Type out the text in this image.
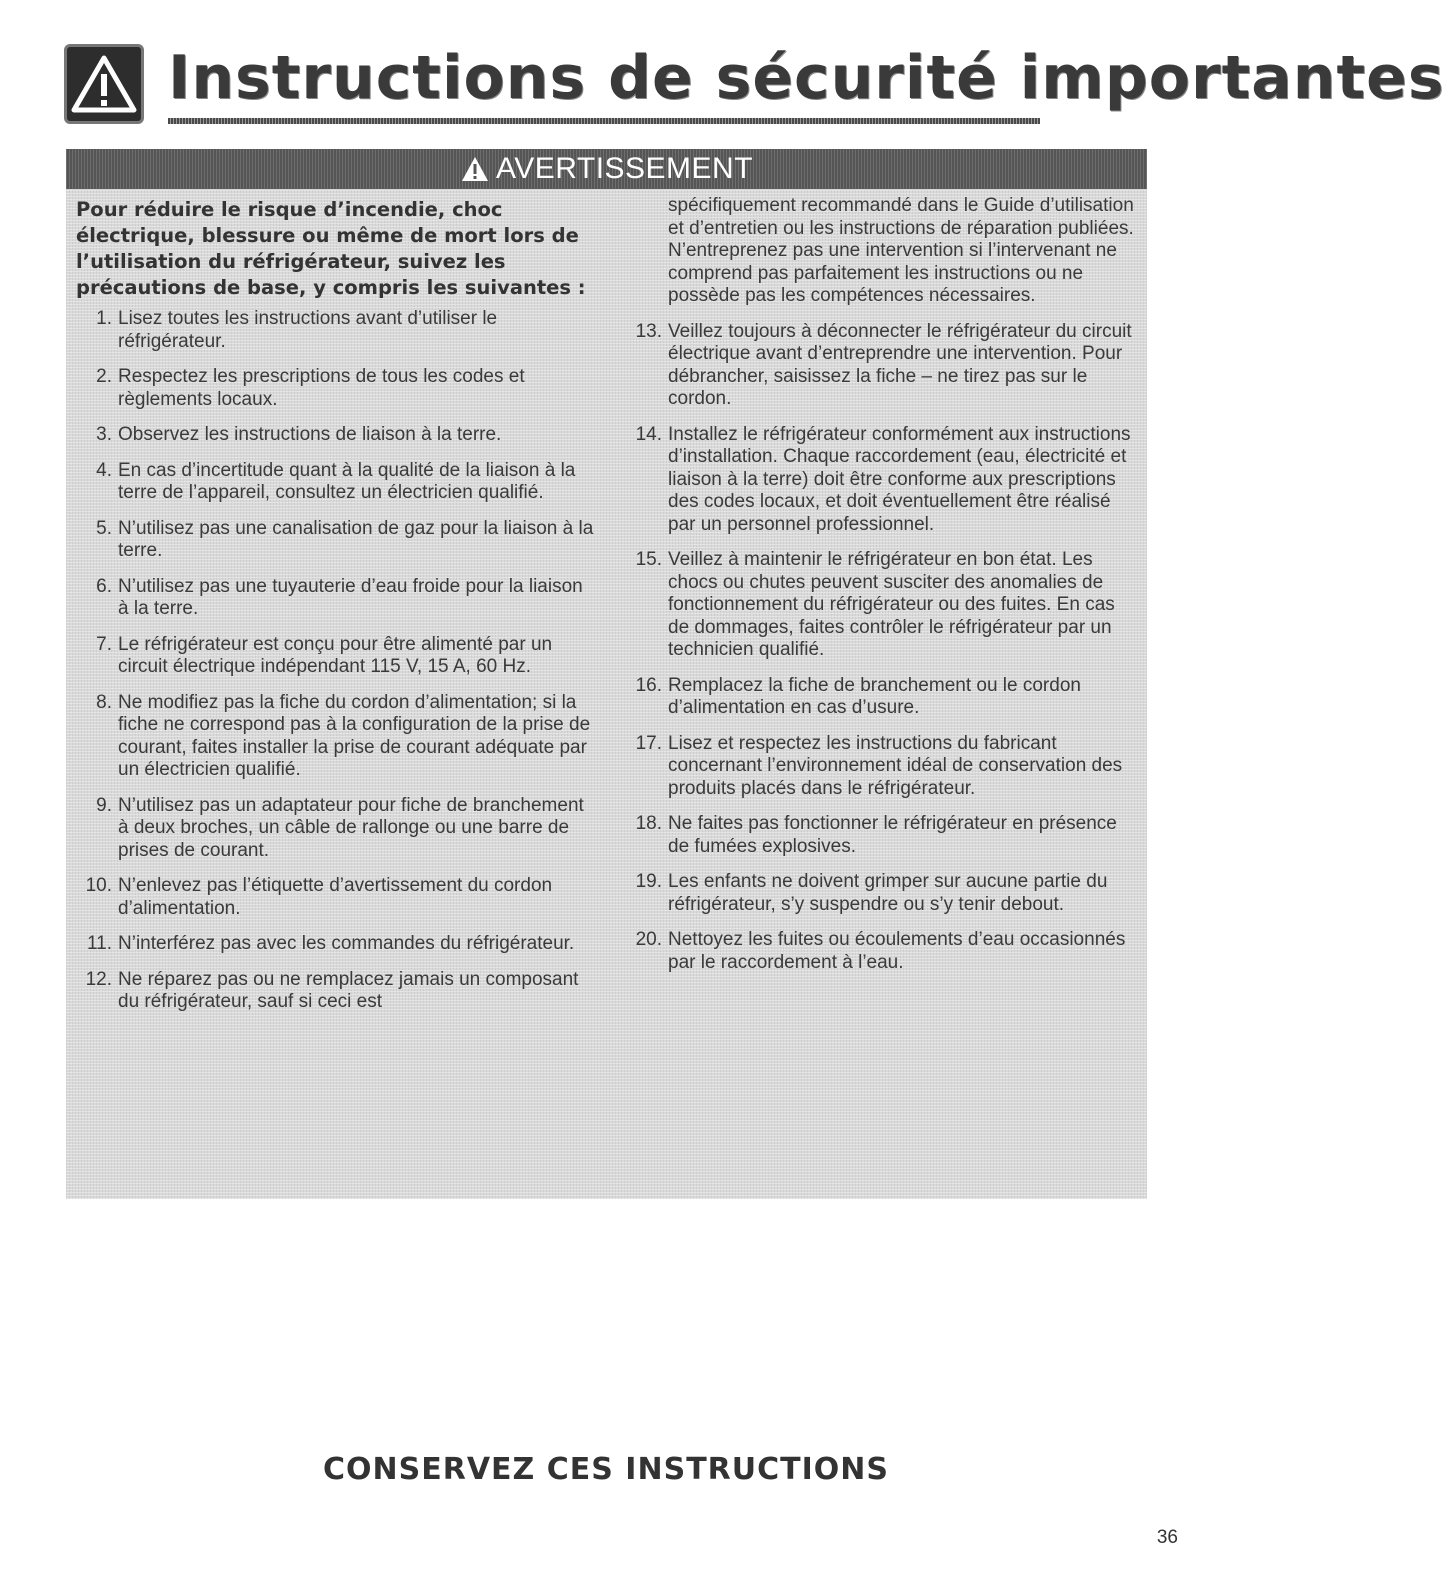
Instructions de sécurité importantes
AVERTISSEMENT

Pour réduire le risque d’incendie, choc électrique, blessure ou même de mort lors de l’utilisation du réfrigérateur, suivez les précautions de base, y compris les suivantes :

1. Lisez toutes les instructions avant d’utiliser le réfrigérateur.
2. Respectez les prescriptions de tous les codes et règlements locaux.
3. Observez les instructions de liaison à la terre.
4. En cas d’incertitude quant à la qualité de la liaison à la terre de l’appareil, consultez un électricien qualifié.
5. N’utilisez pas une canalisation de gaz pour la liaison à la terre.
6. N’utilisez pas une tuyauterie d’eau froide pour la liaison à la terre.
7. Le réfrigérateur est conçu pour être alimenté par un circuit électrique indépendant 115 V, 15 A, 60 Hz.
8. Ne modifiez pas la fiche du cordon d’alimentation; si la fiche ne correspond pas à la configuration de la prise de courant, faites installer la prise de courant adéquate par un électricien qualifié.
9. N’utilisez pas un adaptateur pour fiche de branchement à deux broches, un câble de rallonge ou une barre de prises de courant.
10. N’enlevez pas l’étiquette d’avertissement du cordon d’alimentation.
11. N’interférez pas avec les commandes du réfrigérateur.
12. Ne réparez pas ou ne remplacez jamais un composant du réfrigérateur, sauf si ceci est
spécifiquement recommandé dans le Guide d’utilisation et d’entretien ou les instructions de réparation publiées. N’entreprenez pas une intervention si l’intervenant ne comprend pas parfaitement les instructions ou ne possède pas les compétences nécessaires.
13. Veillez toujours à déconnecter le réfrigérateur du circuit électrique avant d’entreprendre une intervention. Pour débrancher, saisissez la fiche – ne tirez pas sur le cordon.
14. Installez le réfrigérateur conformément aux instructions d’installation. Chaque raccordement (eau, électricité et liaison à la terre) doit être conforme aux prescriptions des codes locaux, et doit éventuellement être réalisé par un personnel professionnel.
15. Veillez à maintenir le réfrigérateur en bon état. Les chocs ou chutes peuvent susciter des anomalies de fonctionnement du réfrigérateur ou des fuites. En cas de dommages, faites contrôler le réfrigérateur par un technicien qualifié.
16. Remplacez la fiche de branchement ou le cordon d’alimentation en cas d’usure.
17. Lisez et respectez les instructions du fabricant concernant l’environnement idéal de conservation des produits placés dans le réfrigérateur.
18. Ne faites pas fonctionner le réfrigérateur en présence de fumées explosives.
19. Les enfants ne doivent grimper sur aucune partie du réfrigérateur, s’y suspendre ou s’y tenir debout.
20. Nettoyez les fuites ou écoulements d’eau occasionnés par le raccordement à l’eau.
CONSERVEZ CES INSTRUCTIONS
36
